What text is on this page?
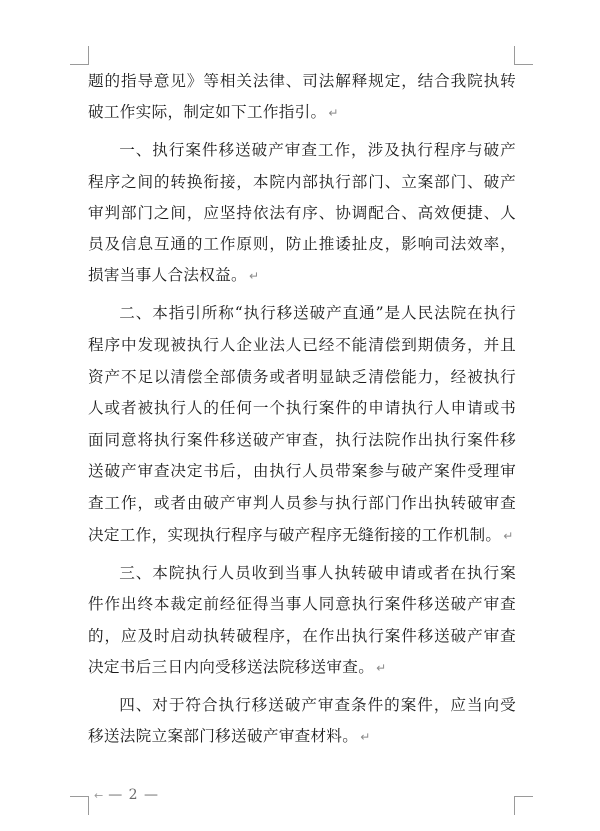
题的指导意见》等相关法律、司法解释规定，结合我院执转破工作实际，制定如下工作指引。 ↵

一、执行案件移送破产审查工作，涉及执行程序与破产程序之间的转换衔接，本院内部执行部门、立案部门、破产审判部门之间，应坚持依法有序、协调配合、高效便捷、人员及信息互通的工作原则，防止推诿扯皮，影响司法效率，损害当事人合法权益。 ↵

二、本指引所称“执行移送破产直通”是人民法院在执行程序中发现被执行人企业法人已经不能清偿到期债务，并且资产不足以清偿全部债务或者明显缺乏清偿能力，经被执行人或者被执行人的任何一个执行案件的申请执行人申请或书面同意将执行案件移送破产审查，执行法院作出执行案件移送破产审查决定书后，由执行人员带案参与破产案件受理审查工作，或者由破产审判人员参与执行部门作出执转破审查决定工作，实现执行程序与破产程序无缝衔接的工作机制。 ↵

三、本院执行人员收到当事人执转破申请或者在执行案件作出终本裁定前经征得当事人同意执行案件移送破产审查的，应及时启动执转破程序，在作出执行案件移送破产审查决定书后三日内向受移送法院移送审查。 ↵

四、对于符合执行移送破产审查条件的案件，应当向受移送法院立案部门移送破产审查材料。 ↵

← — 2 —
